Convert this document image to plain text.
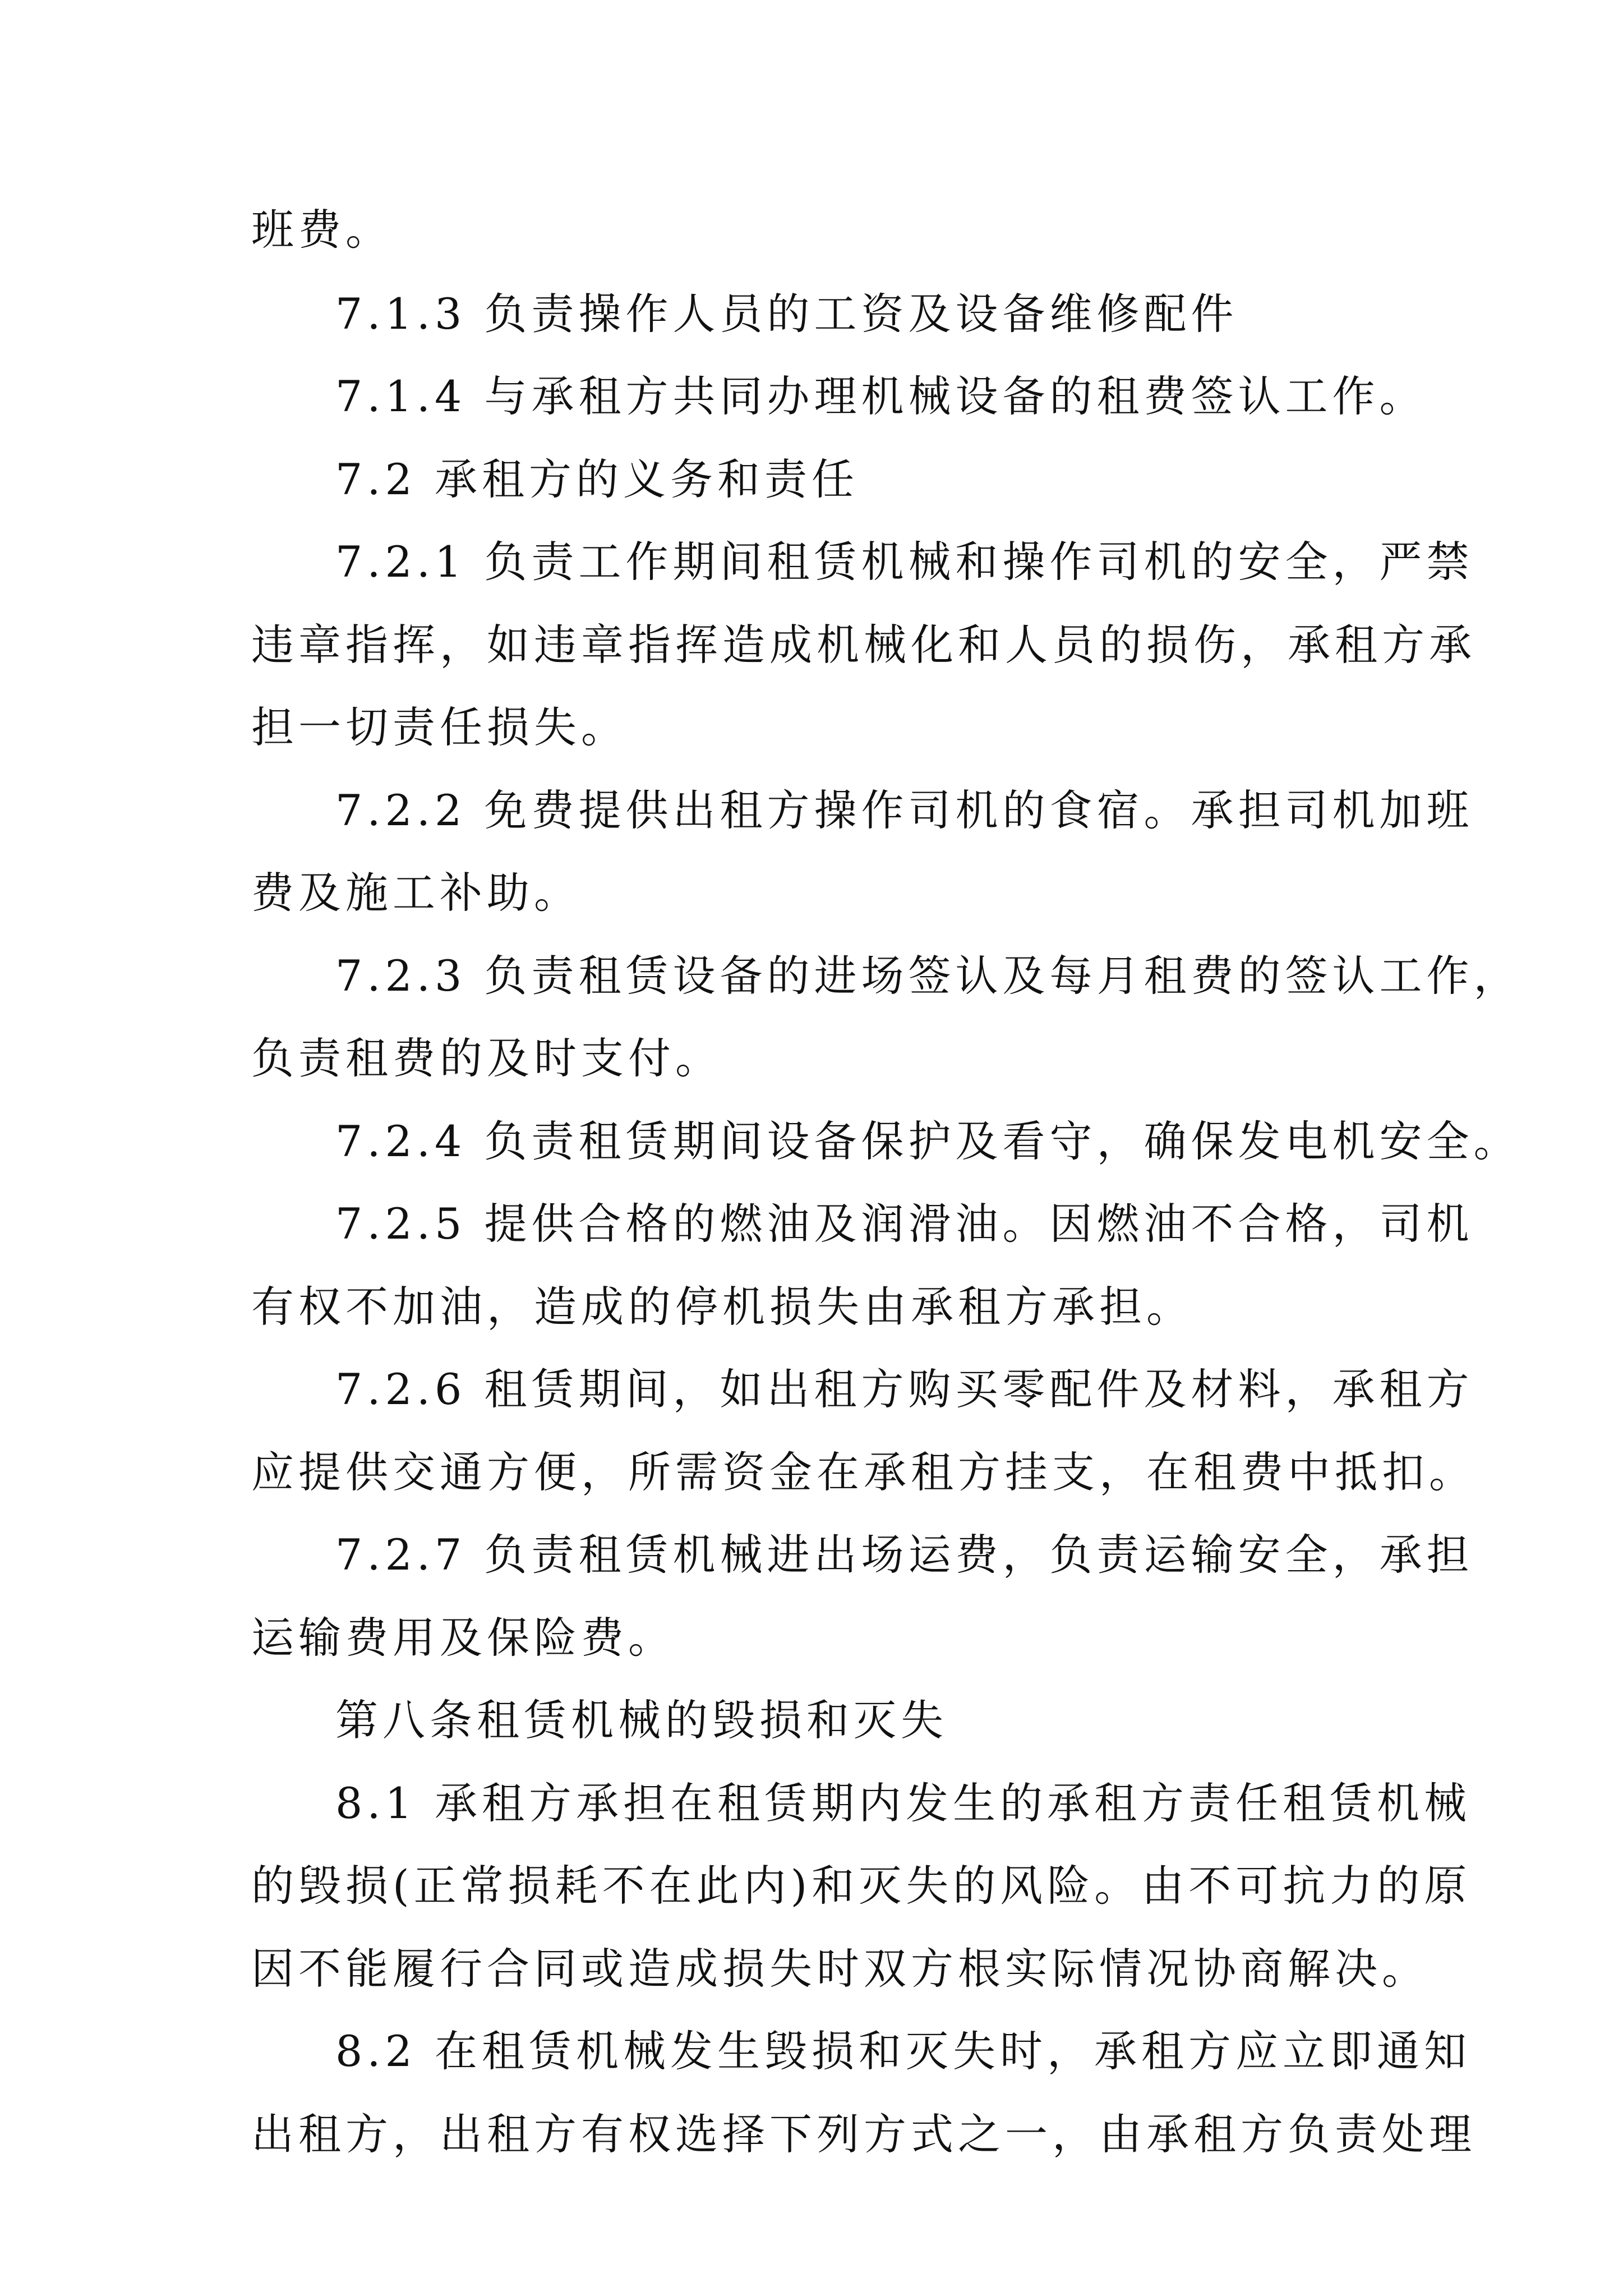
班费。
7.1.3 负责操作人员的工资及设备维修配件
7.1.4 与承租方共同办理机械设备的租费签认工作。
7.2 承租方的义务和责任
7.2.1 负责工作期间租赁机械和操作司机的安全，严禁
违章指挥，如违章指挥造成机械化和人员的损伤，承租方承
担一切责任损失。
7.2.2 免费提供出租方操作司机的食宿。承担司机加班
费及施工补助。
7.2.3 负责租赁设备的进场签认及每月租费的签认工作，
负责租费的及时支付。
7.2.4 负责租赁期间设备保护及看守，确保发电机安全。
7.2.5 提供合格的燃油及润滑油。因燃油不合格，司机
有权不加油，造成的停机损失由承租方承担。
7.2.6 租赁期间，如出租方购买零配件及材料，承租方
应提供交通方便，所需资金在承租方挂支，在租费中抵扣。
7.2.7 负责租赁机械进出场运费，负责运输安全，承担
运输费用及保险费。
第八条租赁机械的毁损和灭失
8.1 承租方承担在租赁期内发生的承租方责任租赁机械
的毁损(正常损耗不在此内)和灭失的风险。由不可抗力的原
因不能履行合同或造成损失时双方根实际情况协商解决。
8.2 在租赁机械发生毁损和灭失时，承租方应立即通知
出租方，出租方有权选择下列方式之一，由承租方负责处理
